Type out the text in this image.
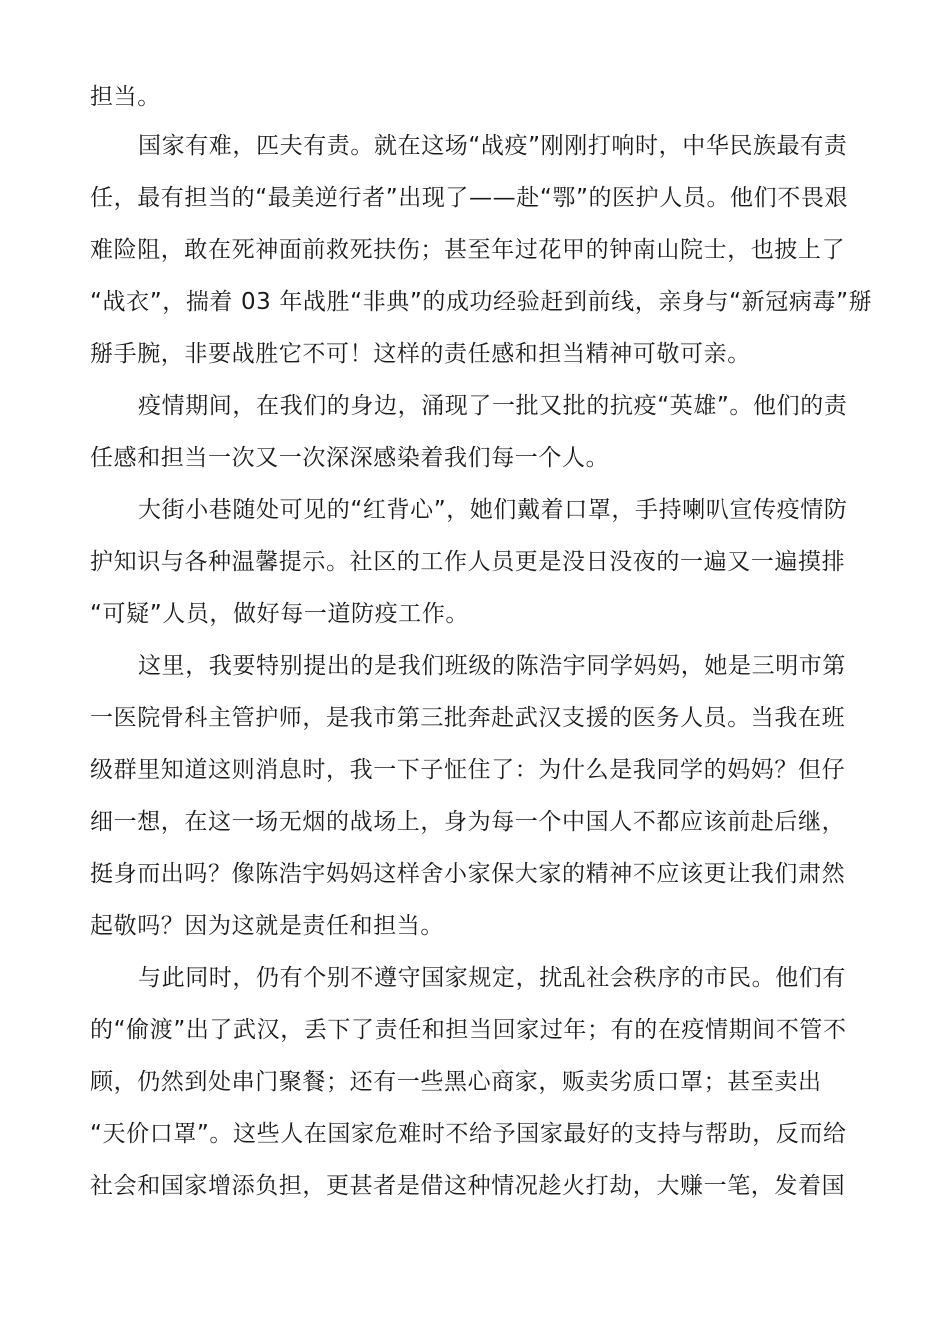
担当。
国家有难，匹夫有责。就在这场“战疫”刚刚打响时，中华民族最有责
任，最有担当的“最美逆行者”出现了——赴“鄂”的医护人员。他们不畏艰
难险阻，敢在死神面前救死扶伤；甚至年过花甲的钟南山院士，也披上了
“战衣”，揣着 03 年战胜“非典”的成功经验赶到前线，亲身与“新冠病毒”掰
掰手腕，非要战胜它不可！这样的责任感和担当精神可敬可亲。
疫情期间，在我们的身边，涌现了一批又批的抗疫“英雄”。他们的责
任感和担当一次又一次深深感染着我们每一个人。
大街小巷随处可见的“红背心”，她们戴着口罩，手持喇叭宣传疫情防
护知识与各种温馨提示。社区的工作人员更是没日没夜的一遍又一遍摸排
“可疑”人员，做好每一道防疫工作。
这里，我要特别提出的是我们班级的陈浩宇同学妈妈，她是三明市第
一医院骨科主管护师，是我市第三批奔赴武汉支援的医务人员。当我在班
级群里知道这则消息时，我一下子怔住了：为什么是我同学的妈妈？但仔
细一想，在这一场无烟的战场上，身为每一个中国人不都应该前赴后继，
挺身而出吗？像陈浩宇妈妈这样舍小家保大家的精神不应该更让我们肃然
起敬吗？因为这就是责任和担当。
与此同时，仍有个别不遵守国家规定，扰乱社会秩序的市民。他们有
的“偷渡”出了武汉，丢下了责任和担当回家过年；有的在疫情期间不管不
顾，仍然到处串门聚餐；还有一些黑心商家，贩卖劣质口罩；甚至卖出
“天价口罩”。这些人在国家危难时不给予国家最好的支持与帮助，反而给
社会和国家增添负担，更甚者是借这种情况趁火打劫，大赚一笔，发着国
